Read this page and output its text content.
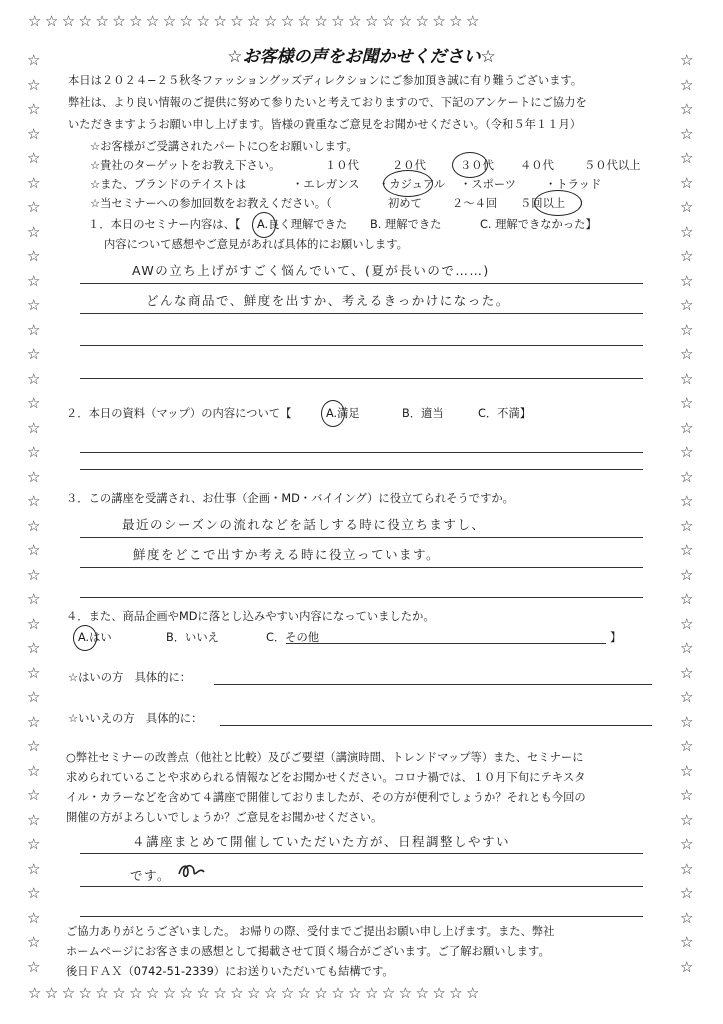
☆☆☆☆☆☆☆☆☆☆☆☆☆☆☆☆☆☆☆☆☆☆☆☆☆☆☆
☆☆☆☆☆☆☆☆☆☆☆☆☆☆☆☆☆☆☆☆☆☆☆☆☆☆☆
☆
☆
☆
☆
☆
☆
☆
☆
☆
☆
☆
☆
☆
☆
☆
☆
☆
☆
☆
☆
☆
☆
☆
☆
☆
☆
☆
☆
☆
☆
☆
☆
☆
☆
☆
☆
☆
☆
☆
☆
☆
☆
☆
☆
☆
☆
☆
☆
☆
☆
☆
☆
☆
☆
☆
☆
☆
☆
☆
☆
☆
☆
☆
☆
☆
☆
☆
☆
☆
☆
☆
☆
☆
☆
☆
☆
☆お客様の声をお聞かせください☆
本日は２０２４−２５秋冬ファッショングッズディレクションにご参加頂き誠に有り難うございます。
弊社は、より良い情報のご提供に努めて参りたいと考えておりますので、下記のアンケートにご協力を
いただきますようお願い申し上げます。皆様の貴重なご意見をお聞かせください。（令和５年１１月）
☆お客様がご受講されたパートに○をお願いします。
☆貴社のターゲットをお教え下さい。	１０代	２０代	３０代 ４０代	５０代以上
☆また、ブランドのテイストは	・エレガンス ・カジュアル ・スポーツ	・トラッド
☆当セミナーへの参加回数をお教えください。（	初めて	２〜４回 ５回以上 ）
１．本日のセミナー内容は、【 A.良く理解できた B. 理解できた	C. 理解できなかった】
内容について感想やご意見があれば具体的にお願いします。
AWの立ち上げがすごく悩んでいて、(夏が長いので……)
どんな商品で、鮮度を出すか、考えるきっかけになった。
２．本日の資料（マップ）の内容について【	A.満足	B．適当	C．不満】
３．この講座を受講され、お仕事（企画・MD・バイイング）に役立てられそうですか。
最近のシーズンの流れなどを話しする時に役立ちますし、
鮮度をどこで出すか考える時に役立っています。
４．また、商品企画やMDに落とし込みやすい内容になっていましたか。
A.はい	B．いいえ	C．その他	】
☆はいの方　具体的に：
☆いいえの方　具体的に：
○弊社セミナーの改善点（他社と比較）及びご要望（講演時間、トレンドマップ等）また、セミナーに
求められていることや求められる情報などをお聞かせください。コロナ禍では、１０月下旬にテキスタ
イル・カラーなどを含めて４講座で開催しておりましたが、その方が便利でしょうか？それとも今回の
開催の方がよろしいでしょうか？ご意見をお聞かせください。
４講座まとめて開催していただいた方が、日程調整しやすい
です。
ご協力ありがとうございました。 お帰りの際、受付までご提出お願い申し上げます。また、弊社
ホームページにお客さまの感想として掲載させて頂く場合がございます。ご了解お願いします。
後日ＦＡＸ（0742-51-2339）にお送りいただいても結構です。
